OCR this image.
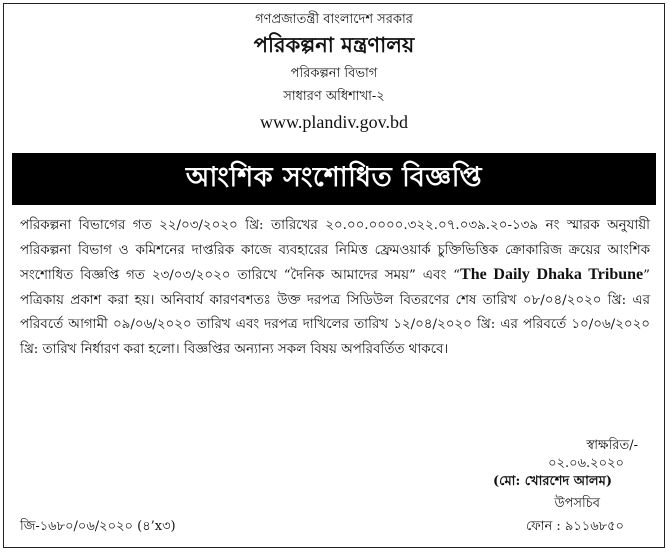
গণপ্রজাতন্ত্রী বাংলাদেশ সরকার
পরিকল্পনা মন্ত্রণালয়
পরিকল্পনা বিভাগ
সাধারণ অধিশাখা-২
www.plandiv.gov.bd
আংশিক সংশোধিত বিজ্ঞপ্তি
পরিকল্পনা বিভাগের গত ২২/০৩/২০২০ খ্রি: তারিখের ২০.০০.০০০০.৩২২.০৭.০৩৯.২০-১৩৯ নং স্মারক অনুযায়ী পরিকল্পনা বিভাগ ও কমিশনের দাপ্তরিক কাজে ব্যবহারের নিমিত্ত ফ্রেমওয়ার্ক চুক্তিভিত্তিক ক্রোকারিজ ক্রয়ের আংশিক সংশোধিত বিজ্ঞপ্তি গত ২৩/০৩/২০২০ তারিখে “দৈনিক আমাদের সময়” এবং “The Daily Dhaka Tribune” পত্রিকায় প্রকাশ করা হয়। অনিবার্য কারণবশতঃ উক্ত দরপত্র সিডিউল বিতরণের শেষ তারিখ ০৮/০৪/২০২০ খ্রি: এর পরিবর্তে আগামী ০৯/০৬/২০২০ তারিখ এবং দরপত্র দাখিলের তারিখ ১২/০৪/২০২০ খ্রি: এর পরিবর্তে ১০/০৬/২০২০ খ্রি: তারিখ নির্ধারণ করা হলো। বিজ্ঞপ্তির অন্যান্য সকল বিষয় অপরিবর্তিত থাকবে।
স্বাক্ষরিত/-
০২.০৬.২০২০
(মো: খোরশেদ আলম)
উপসচিব
ফোন : ৯১১৬৮৫০
জি-১৬৮০/০৬/২০২০ (৪’x৩)
